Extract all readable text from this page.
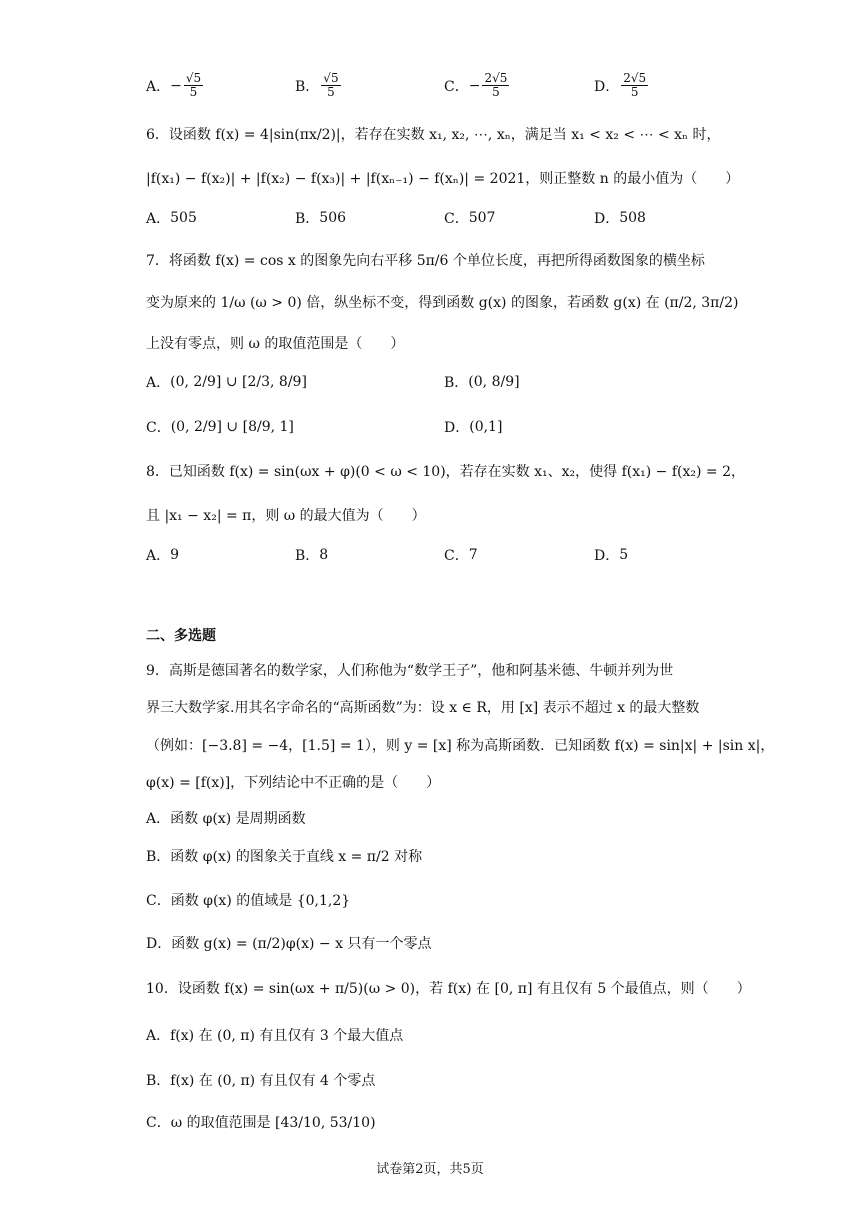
A． − $\frac{√5}{5}$	B． $\frac{√5}{5}$	C． − $\frac{2√5}{5}$	D． $\frac{2√5}{5}$
6．设函数 f(x) = 4|sin(πx/2)|，若存在实数 x₁, x₂, ⋯, xₙ，满足当 x₁ < x₂ < ⋯ < xₙ 时，
|f(x₁) − f(x₂)| + |f(x₂) − f(x₃)| + |f(xₙ₋₁) − f(xₙ)| = 2021，则正整数 n 的最小值为（　　）
A． 505	B． 506	C． 507	D． 508
7．将函数 f(x) = cos x 的图象先向右平移 5π/6 个单位长度，再把所得函数图象的横坐标
变为原来的 1/ω (ω > 0) 倍，纵坐标不变，得到函数 g(x) 的图象，若函数 g(x) 在 (π/2, 3π/2)
上没有零点，则 ω 的取值范围是（　　）
A． (0, 2/9] ∪ [2/3, 8/9]	B． (0, 8/9]
C． (0, 2/9] ∪ [8/9, 1]	D． (0,1]
8．已知函数 f(x) = sin(ωx + φ)(0 < ω < 10)，若存在实数 x₁、x₂，使得 f(x₁) − f(x₂) = 2，
且 |x₁ − x₂| = π，则 ω 的最大值为（　　）
A． 9	B． 8	C． 7	D． 5
二、多选题
9．高斯是德国著名的数学家，人们称他为“数学王子”，他和阿基米德、牛顿并列为世
界三大数学家.用其名字命名的“高斯函数”为：设 x ∈ R，用 [x] 表示不超过 x 的最大整数
（例如：[−3.8] = −4，[1.5] = 1），则 y = [x] 称为高斯函数．已知函数 f(x) = sin|x| + |sin x|，
φ(x) = [f(x)]，下列结论中不正确的是（　　）
A． 函数 φ(x) 是周期函数
B． 函数 φ(x) 的图象关于直线 x = π/2 对称
C． 函数 φ(x) 的值域是 {0,1,2}
D． 函数 g(x) = (π/2)φ(x) − x 只有一个零点
10．设函数 f(x) = sin(ωx + π/5)(ω > 0)，若 f(x) 在 [0, π] 有且仅有 5 个最值点，则（　　）
A． f(x) 在 (0, π) 有且仅有 3 个最大值点
B． f(x) 在 (0, π) 有且仅有 4 个零点
C． ω 的取值范围是 [43/10, 53/10)
试卷第2页，共5页
